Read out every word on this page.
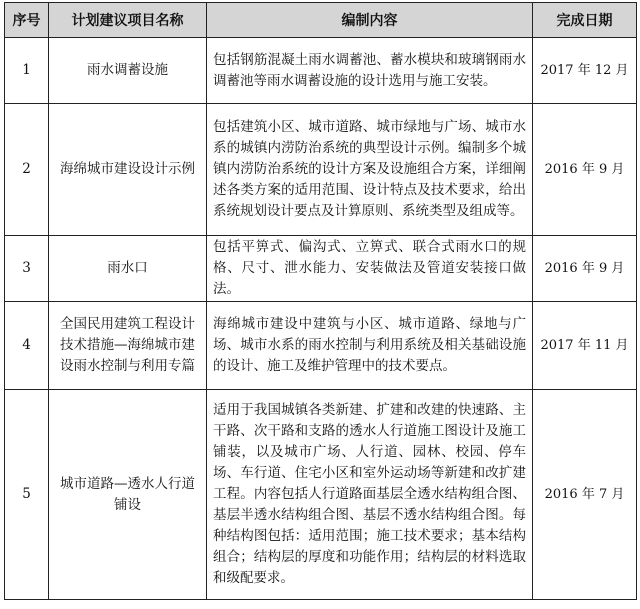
序号	计划建议项目名称	编制内容	完成日期
1	雨水调蓄设施	包括钢筋混凝土雨水调蓄池、蓄水模块和玻璃钢雨水调蓄池等雨水调蓄设施的设计选用与施工安装。	2017 年 12 月
2	海绵城市建设设计示例	包括建筑小区、城市道路、城市绿地与广场、城市水系的城镇内涝防治系统的典型设计示例。编制多个城镇内涝防治系统的设计方案及设施组合方案，详细阐述各类方案的适用范围、设计特点及技术要求，给出系统规划设计要点及计算原则、系统类型及组成等。	2016 年 9 月
3	雨水口	包括平箅式、偏沟式、立箅式、联合式雨水口的规格、尺寸、泄水能力、安装做法及管道安装接口做法。	2016 年 9 月
4	全国民用建筑工程设计技术措施—海绵城市建设雨水控制与利用专篇	海绵城市建设中建筑与小区、城市道路、绿地与广场、城市水系的雨水控制与利用系统及相关基础设施的设计、施工及维护管理中的技术要点。	2017 年 11 月
5	城市道路—透水人行道铺设	适用于我国城镇各类新建、扩建和改建的快速路、主干路、次干路和支路的透水人行道施工图设计及施工铺装，以及城市广场、人行道、园林、校园、停车场、车行道、住宅小区和室外运动场等新建和改扩建工程。内容包括人行道路面基层全透水结构组合图、基层半透水结构组合图、基层不透水结构组合图。每种结构图包括：适用范围；施工技术要求；基本结构组合；结构层的厚度和功能作用；结构层的材料选取和级配要求。	2016 年 7 月
